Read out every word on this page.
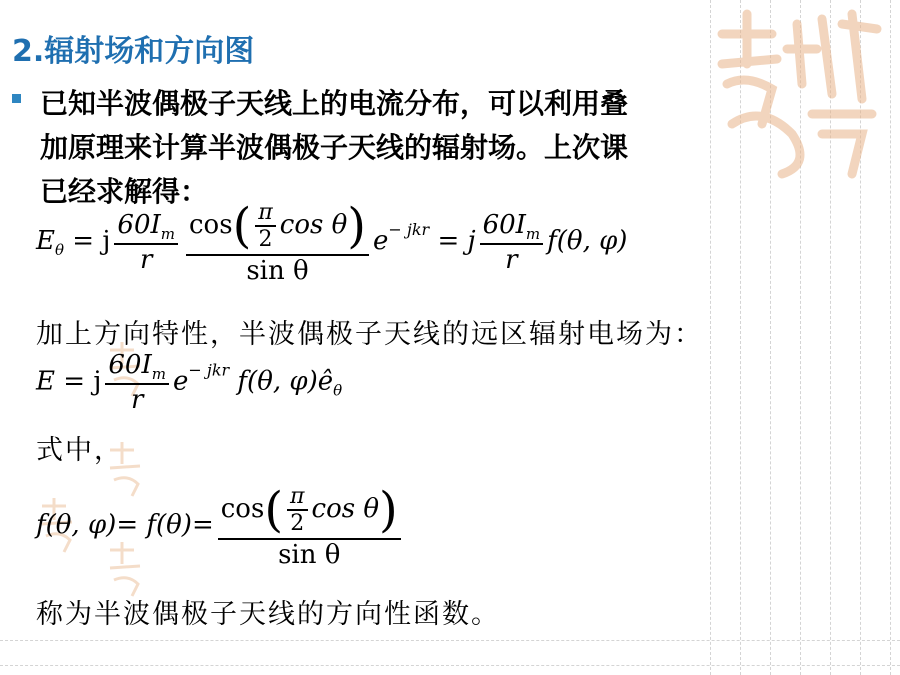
2.辐射场和方向图
已知半波偶极子天线上的电流分布，可以利用叠
加原理来计算半波偶极子天线的辐射场。上次课
已经求解得：
$E_\theta = j \frac{60I_m}{r} \frac{\cos( \frac{\pi}{2} \cos \theta)}{\text{sin θ}} e^{- jkr} = j \frac{60I_m}{r} f(\theta$, φ)
加上方向特性，半波偶极子天线的远区辐射电场为：
E = j $\frac{60I_m}{r} e^{- jkr}$ f(θ, $\varphi)ê_\theta$
式中，
f(θ, $\varphi)= f(\theta)= \frac{\cos( \frac{\pi}{2} \cos \theta)}{\text{sin θ}}$
称为半波偶极子天线的方向性函数。
